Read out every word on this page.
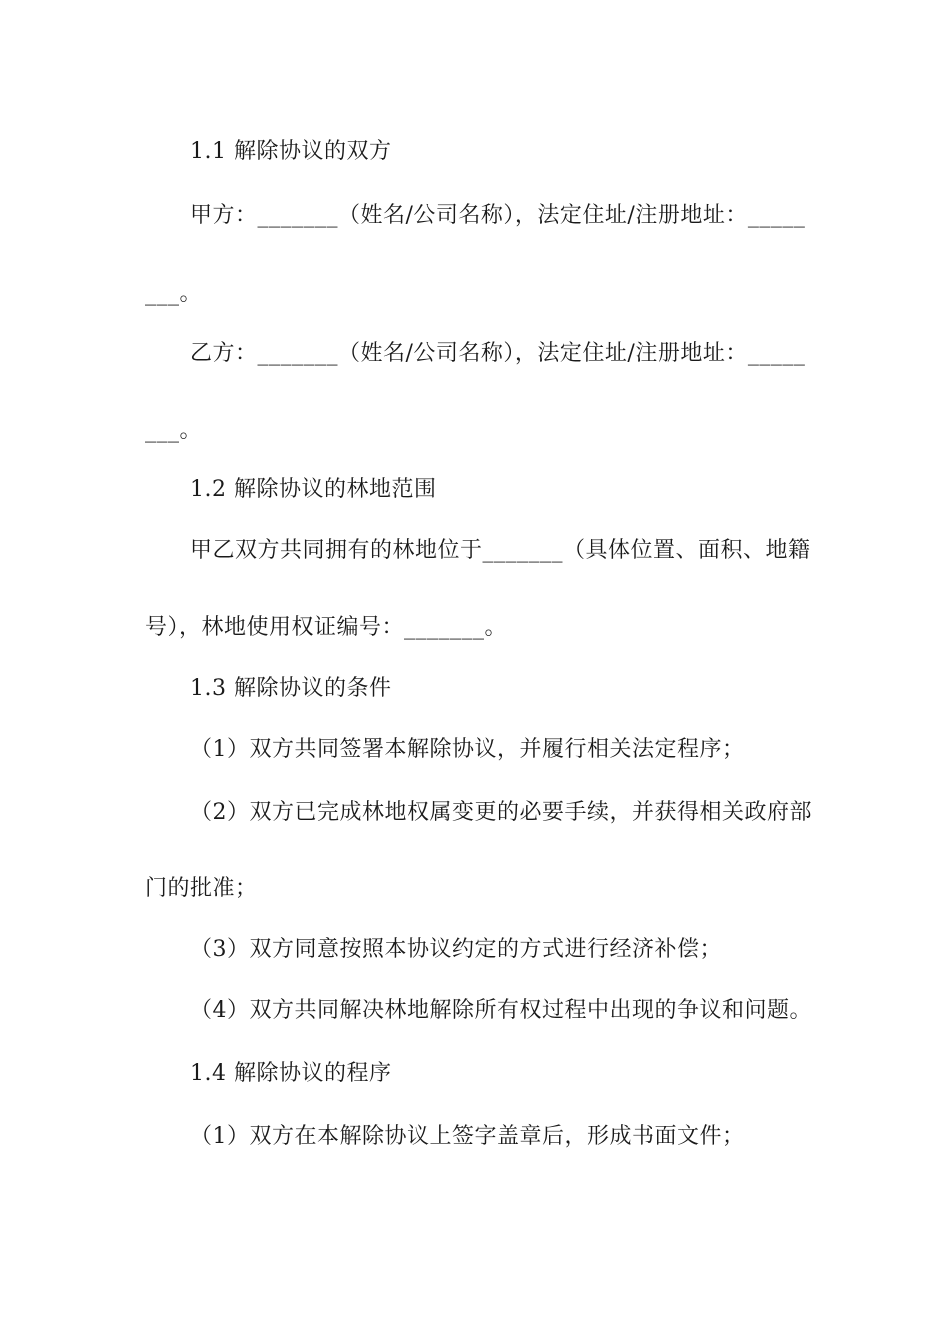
1.1 解除协议的双方
甲方：_______（姓名/公司名称），法定住址/注册地址：_____
___。
乙方：_______（姓名/公司名称），法定住址/注册地址：_____
___。
1.2 解除协议的林地范围
甲乙双方共同拥有的林地位于_______（具体位置、面积、地籍
号），林地使用权证编号：_______。
1.3 解除协议的条件
（1）双方共同签署本解除协议，并履行相关法定程序；
（2）双方已完成林地权属变更的必要手续，并获得相关政府部
门的批准；
（3）双方同意按照本协议约定的方式进行经济补偿；
（4）双方共同解决林地解除所有权过程中出现的争议和问题。
1.4 解除协议的程序
（1）双方在本解除协议上签字盖章后，形成书面文件；
